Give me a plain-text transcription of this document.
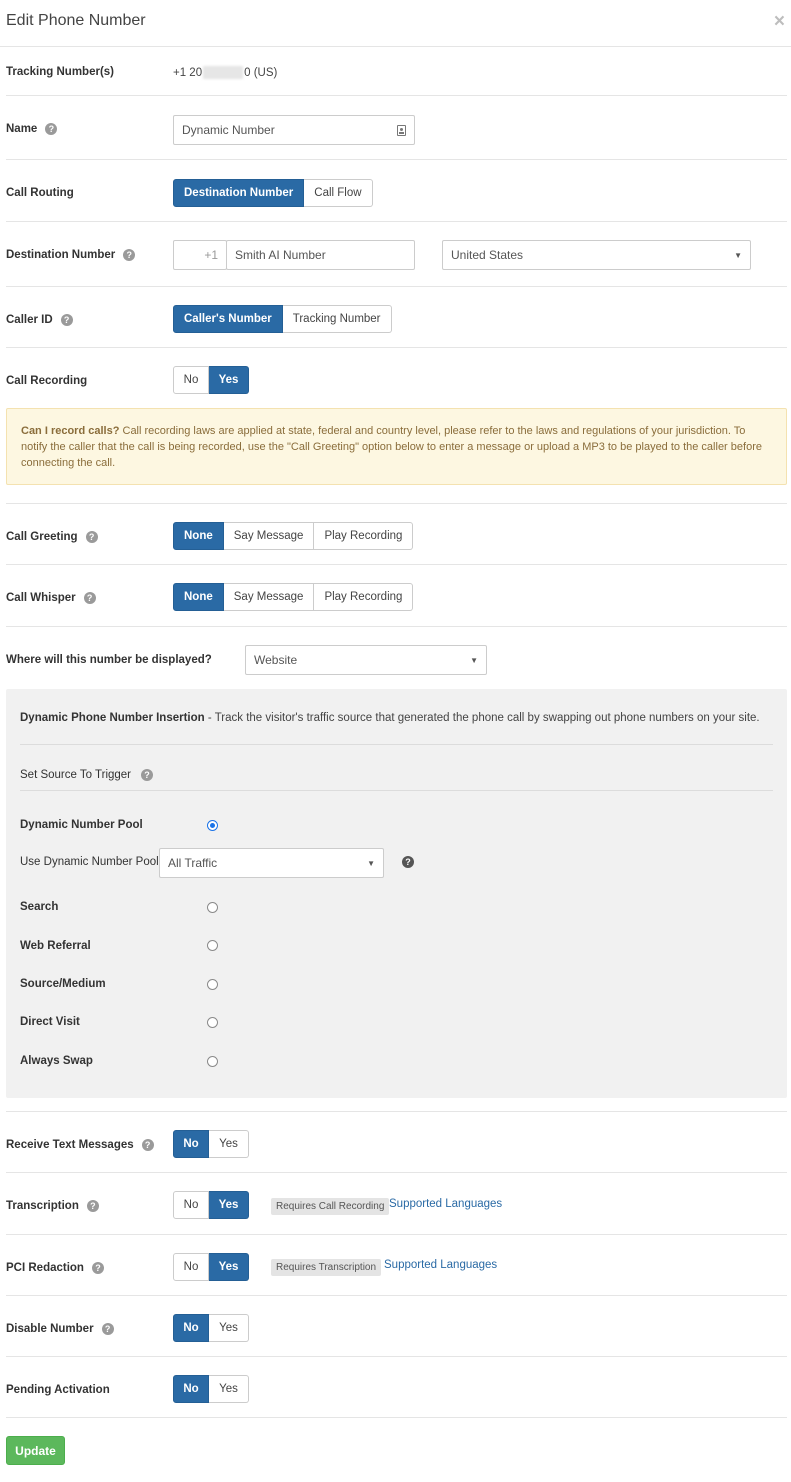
Edit Phone Number	×
Tracking Number(s)	+1 20	0 (US)
Name	?	Dynamic Number
Call Routing	Destination Number	Call Flow
Destination Number	?	+1	Smith AI Number	United States	▼
Caller ID	?	Caller's Number	Tracking Number
Call Recording	No	Yes
Can I record calls? Call recording laws are applied at state, federal and country level, please refer to the laws and regulations of your jurisdiction. To notify the caller that the call is being recorded, use the "Call Greeting" option below to enter a message or upload a MP3 to be played to the caller before connecting the call.
Call Greeting	?	None	Say Message	Play Recording
Call Whisper	?	None	Say Message	Play Recording
Where will this number be displayed?	Website	▼
Dynamic Phone Number Insertion - Track the visitor's traffic source that generated the phone call by swapping out phone numbers on your site.
Set Source To Trigger	?
Dynamic Number Pool
Use Dynamic Number Pool All Traffic	▼	?
Search
Web Referral
Source/Medium
Direct Visit
Always Swap
Receive Text Messages	?	No	Yes
Transcription	?	No	Yes	Requires Call Recording Supported Languages
PCI Redaction	?	No	Yes	Requires Transcription Supported Languages
Disable Number	?	No	Yes
Pending Activation	No	Yes
Update
